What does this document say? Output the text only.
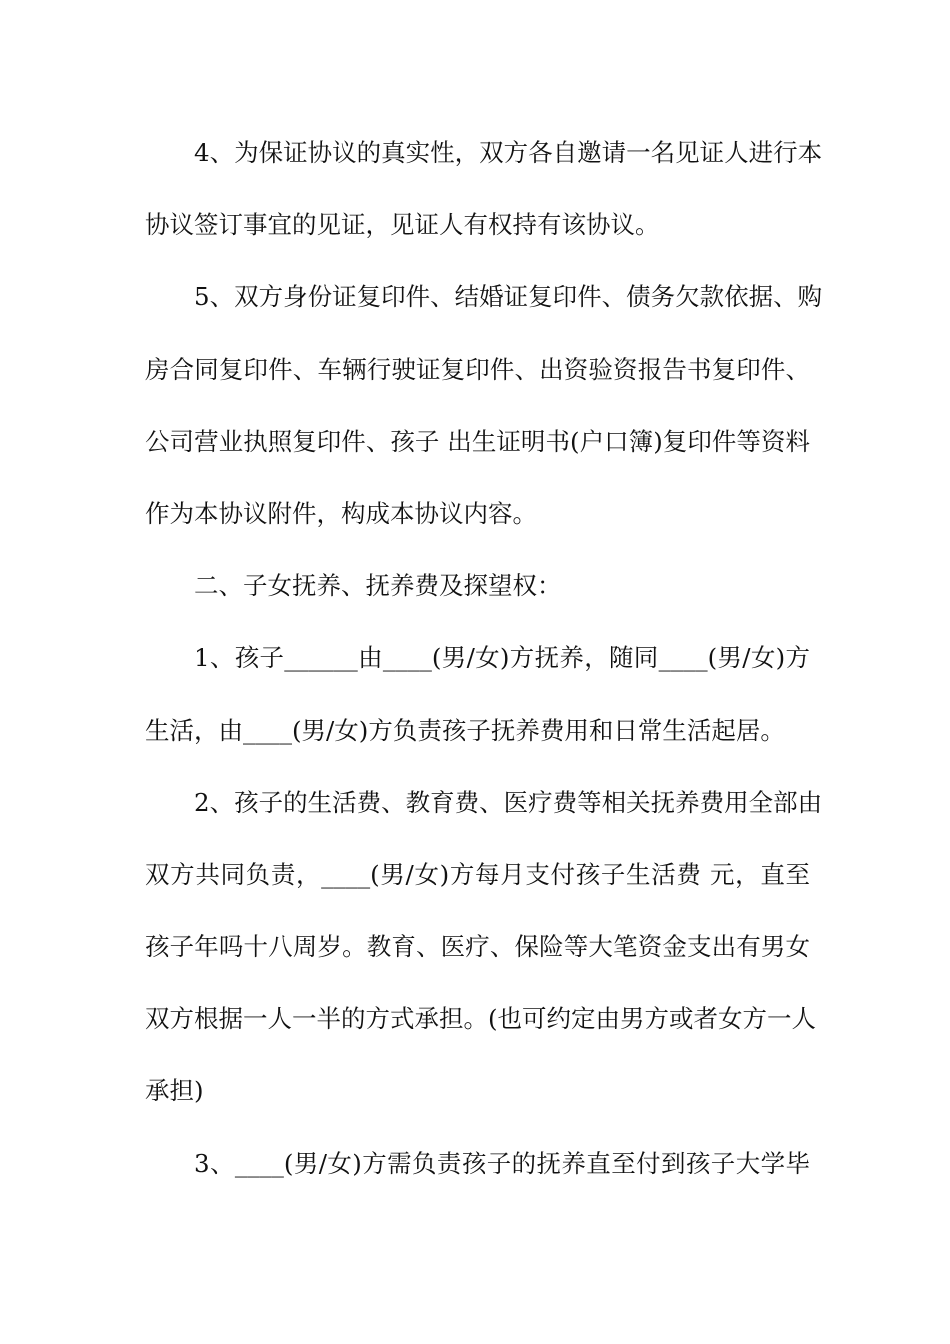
4、为保证协议的真实性，双方各自邀请一名见证人进行本
协议签订事宜的见证，见证人有权持有该协议。
5、双方身份证复印件、结婚证复印件、债务欠款依据、购
房合同复印件、车辆行驶证复印件、出资验资报告书复印件、
公司营业执照复印件、孩子 出生证明书(户口簿)复印件等资料
作为本协议附件，构成本协议内容。
二、子女抚养、抚养费及探望权：
1、孩子______由____(男/女)方抚养，随同____(男/女)方
生活，由____(男/女)方负责孩子抚养费用和日常生活起居。
2、孩子的生活费、教育费、医疗费等相关抚养费用全部由
双方共同负责，____(男/女)方每月支付孩子生活费 元，直至
孩子年吗十八周岁。教育、医疗、保险等大笔资金支出有男女
双方根据一人一半的方式承担。(也可约定由男方或者女方一人
承担)
3、____(男/女)方需负责孩子的抚养直至付到孩子大学毕
